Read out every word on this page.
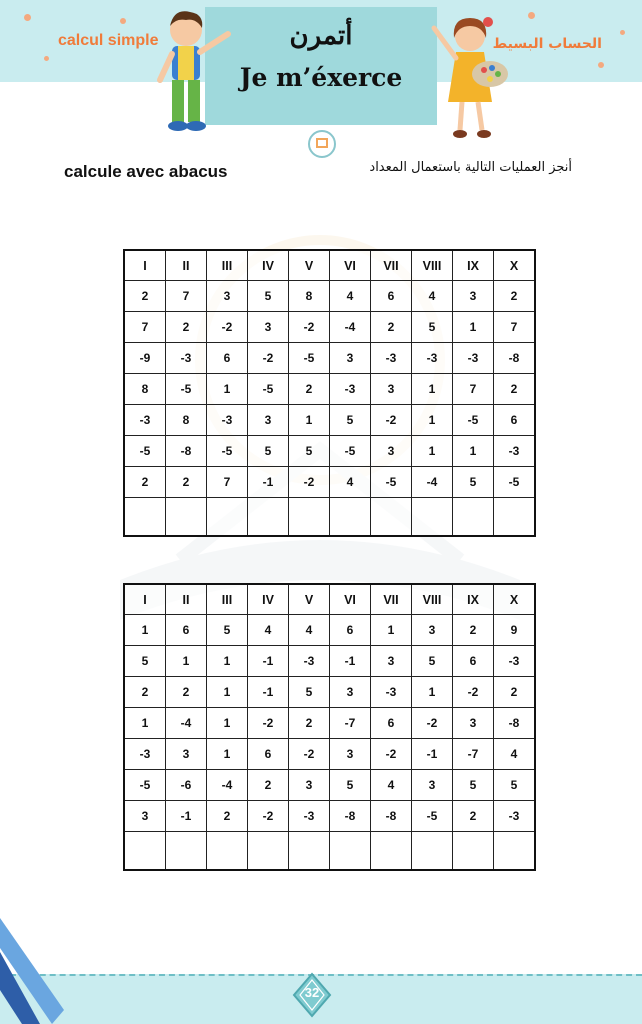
calcul simple	الحساب البسيط
أتمرن
Je m’éxerce
calcule avec abacus	أنجز العمليات التالية باستعمال المعداد
I	II	III	IV	V	VI	VII	VIII	IX	X
2	7	3	5	8	4	6	4	3	2
7	2	-2	3	-2	-4	2	5	1	7
-9	-3	6	-2	-5	3	-3	-3	-3	-8
8	-5	1	-5	2	-3	3	1	7	2
-3	8	-3	3	1	5	-2	1	-5	6
-5	-8	-5	5	5	-5	3	1	1	-3
2	2	7	-1	-2	4	-5	-4	5	-5

I	II	III	IV	V	VI	VII	VIII	IX	X
1	6	5	4	4	6	1	3	2	9
5	1	1	-1	-3	-1	3	5	6	-3
2	2	1	-1	5	3	-3	1	-2	2
1	-4	1	-2	2	-7	6	-2	3	-8
-3	3	1	6	-2	3	-2	-1	-7	4
-5	-6	-4	2	3	5	4	3	5	5
3	-1	2	-2	-3	-8	-8	-5	2	-3

32
